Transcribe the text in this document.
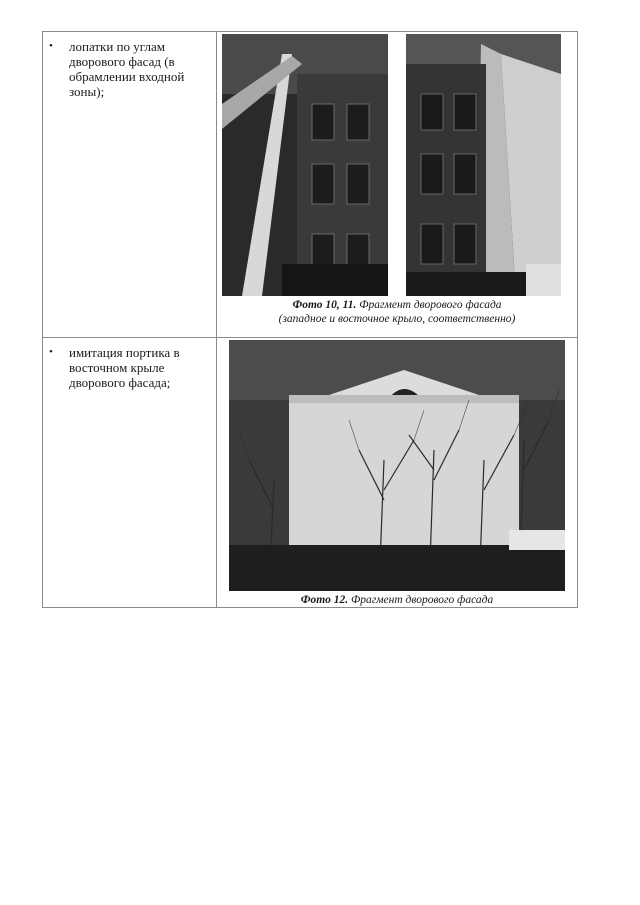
• лопатки по углам дворового фасад (в обрамлении входной зоны);
Фото 10, 11. Фрагмент дворового фасада
(западное и восточное крыло, соответственно)
• имитация портика в восточном крыле дворового фасада;
Фото 12. Фрагмент дворового фасада
